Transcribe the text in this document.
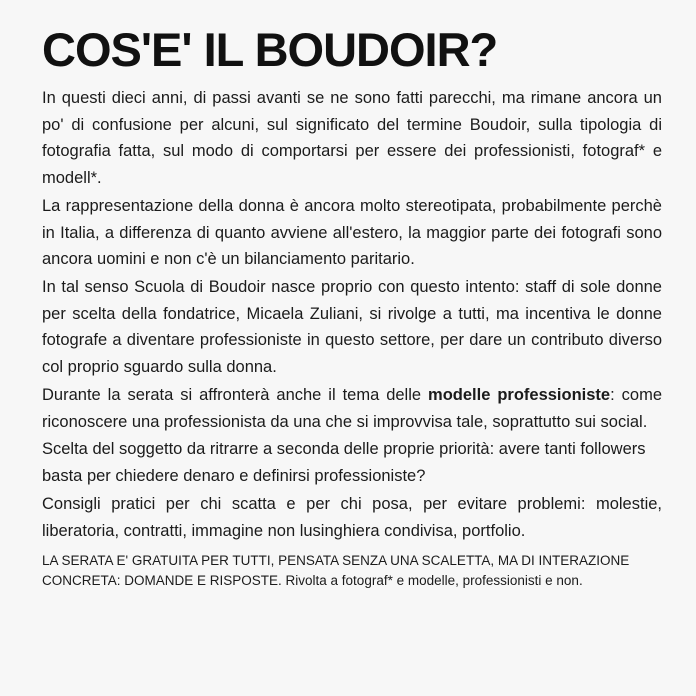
COS'E' IL BOUDOIR?

In questi dieci anni, di passi avanti se ne sono fatti parecchi, ma rimane ancora un po' di confusione per alcuni, sul significato del termine Boudoir, sulla tipologia di fotografia fatta, sul modo di comportarsi per essere dei professionisti, fotograf* e modell*.

La rappresentazione della donna è ancora molto stereotipata, probabilmente perchè in Italia, a differenza di quanto avviene all'estero, la maggior parte dei fotografi sono ancora uomini e non c'è un bilanciamento paritario.

In tal senso Scuola di Boudoir nasce proprio con questo intento: staff di sole donne per scelta della fondatrice, Micaela Zuliani, si rivolge a tutti, ma incentiva le donne fotografe a diventare professioniste in questo settore, per dare un contributo diverso col proprio sguardo sulla donna.

Durante la serata si affronterà anche il tema delle modelle professioniste: come riconoscere una professionista da una che si improvvisa tale, soprattutto sui social.

Scelta del soggetto da ritrarre a seconda delle proprie priorità: avere tanti followers basta per chiedere denaro e definirsi professioniste?

Consigli pratici per chi scatta e per chi posa, per evitare problemi: molestie, liberatoria, contratti, immagine non lusinghiera condivisa, portfolio.

LA SERATA E' GRATUITA PER TUTTI, PENSATA SENZA UNA SCALETTA, MA DI INTERAZIONE CONCRETA: DOMANDE E RISPOSTE. Rivolta a fotograf* e modelle, professionisti e non.
